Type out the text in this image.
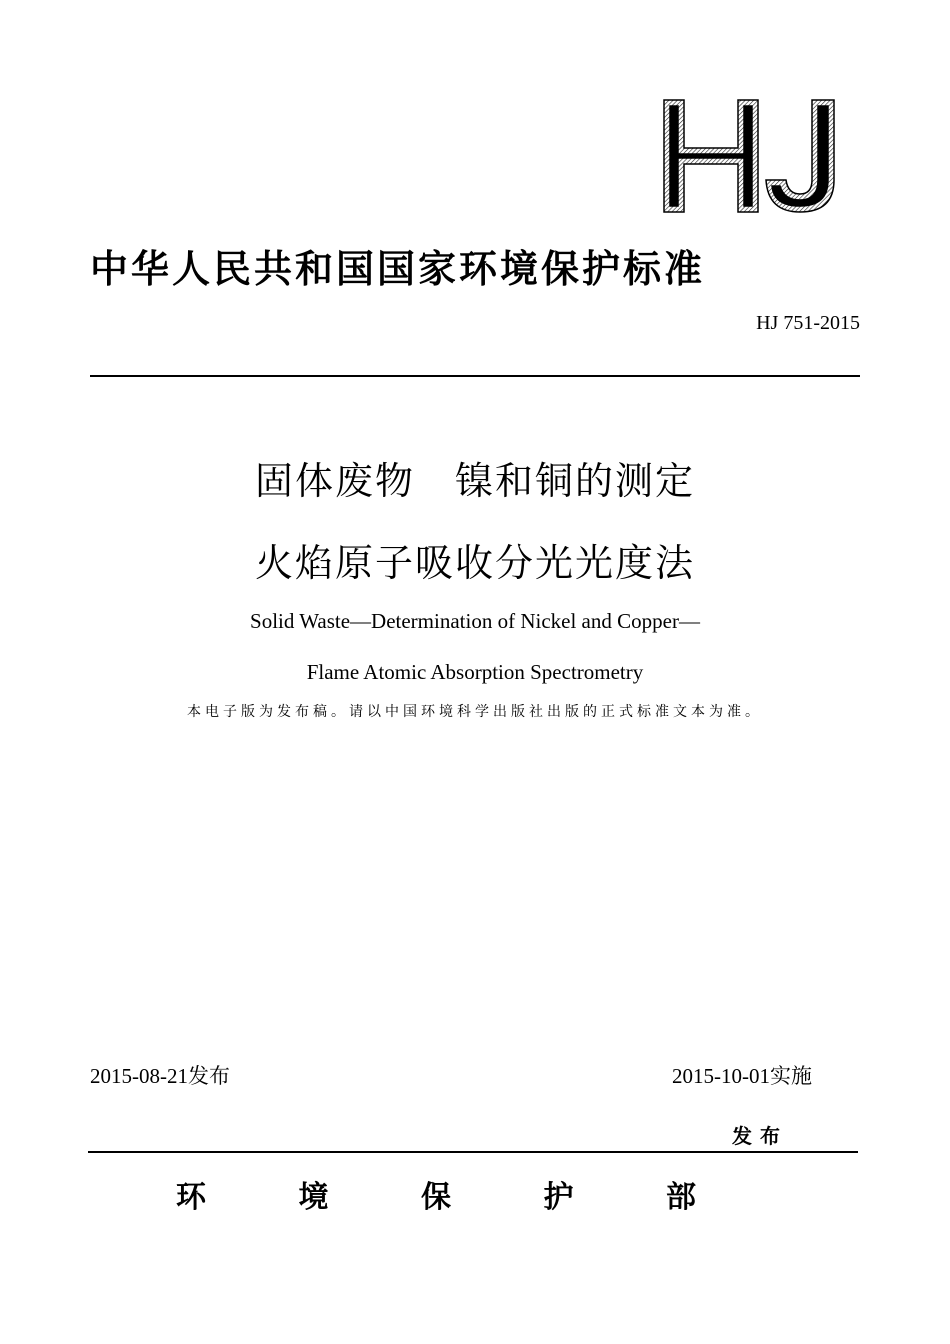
中华人民共和国国家环境保护标准
HJ 751-2015
固体废物　镍和铜的测定
火焰原子吸收分光光度法
Solid Waste—Determination of Nickel and Copper—
Flame Atomic Absorption Spectrometry
本电子版为发布稿。请以中国环境科学出版社出版的正式标准文本为准。
2015-08-21发布	2015-10-01实施
发布
环	境	保	护	部
